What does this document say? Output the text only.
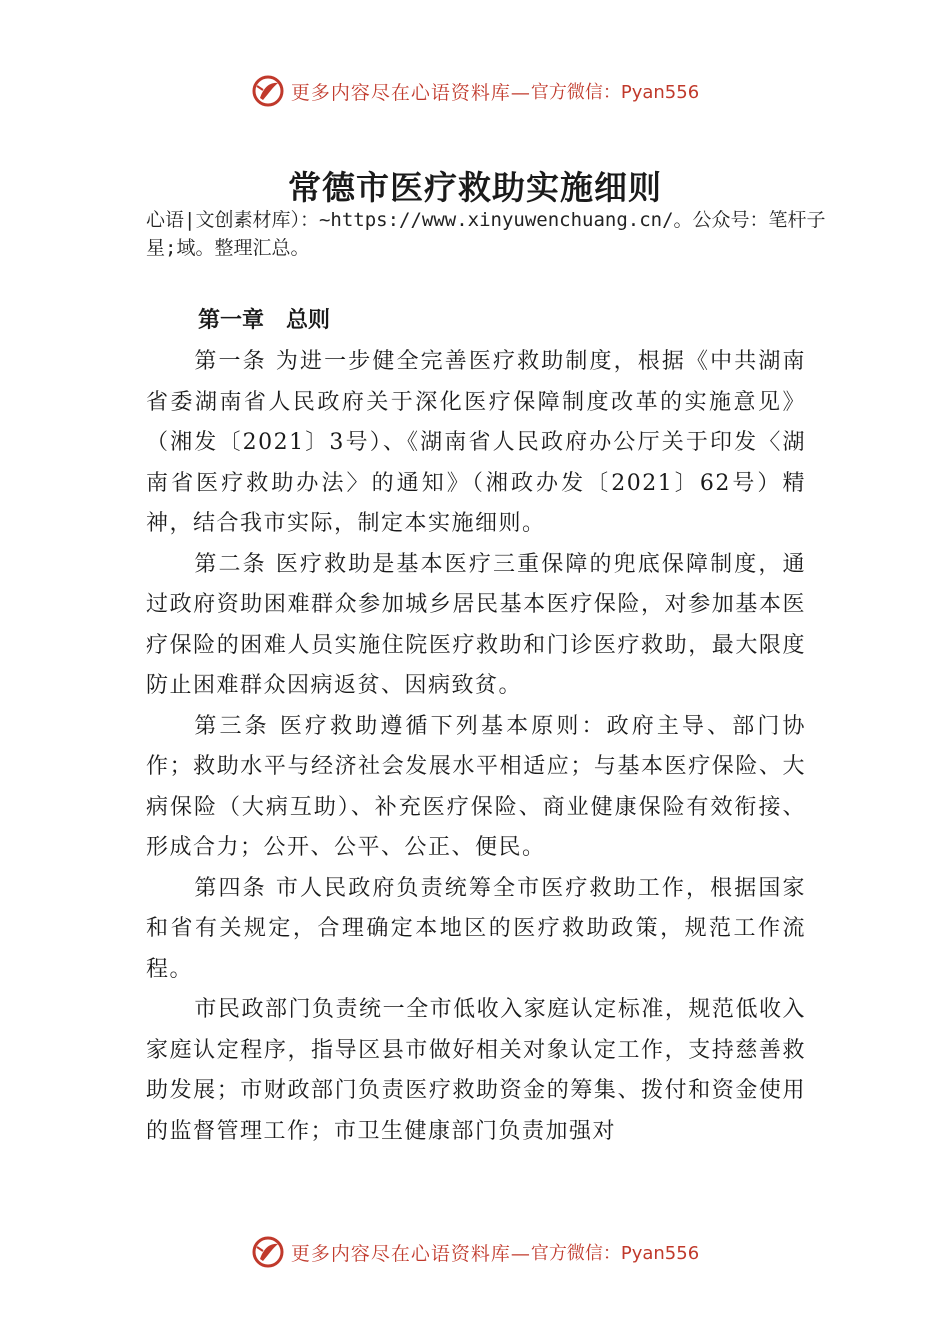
更多内容尽在心语资料库— 官方微信：Pyan556
常德市医疗救助实施细则

心语|文创素材库）：~https://www.xinyuwenchuang.cn/。公众号：笔杆子星;域。整理汇总。

第一章　总则

第一条 为进一步健全完善医疗救助制度，根据《中共湖南省委湖南省人民政府关于深化医疗保障制度改革的实施意见》（湘发〔2021〕3号）、《湖南省人民政府办公厅关于印发〈湖南省医疗救助办法〉的通知》（湘政办发〔2021〕62号）精神，结合我市实际，制定本实施细则。

第二条 医疗救助是基本医疗三重保障的兜底保障制度，通过政府资助困难群众参加城乡居民基本医疗保险，对参加基本医疗保险的困难人员实施住院医疗救助和门诊医疗救助，最大限度防止困难群众因病返贫、因病致贫。

第三条 医疗救助遵循下列基本原则：政府主导、部门协作；救助水平与经济社会发展水平相适应；与基本医疗保险、大病保险（大病互助）、补充医疗保险、商业健康保险有效衔接、形成合力；公开、公平、公正、便民。

第四条 市人民政府负责统筹全市医疗救助工作，根据国家和省有关规定，合理确定本地区的医疗救助政策，规范工作流程。

市民政部门负责统一全市低收入家庭认定标准，规范低收入家庭认定程序，指导区县市做好相关对象认定工作，支持慈善救助发展；市财政部门负责医疗救助资金的筹集、拨付和资金使用的监督管理工作；市卫生健康部门负责加强对

更多内容尽在心语资料库— 官方微信：Pyan556
